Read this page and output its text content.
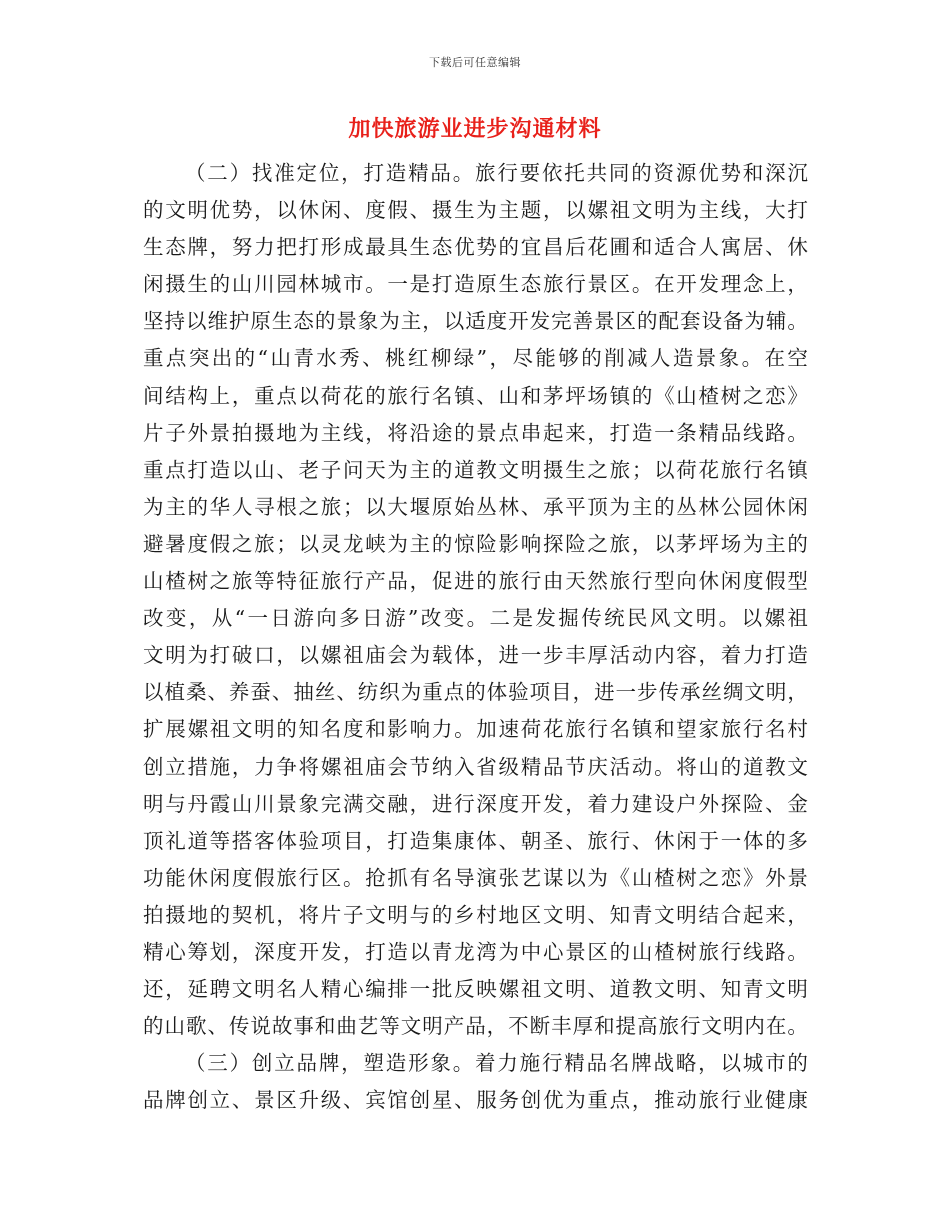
下载后可任意编辑
加快旅游业进步沟通材料
（二）找准定位，打造精品。旅行要依托共同的资源优势和深沉
的文明优势，以休闲、度假、摄生为主题，以嫘祖文明为主线，大打
生态牌，努力把打形成最具生态优势的宜昌后花圃和适合人寓居、休
闲摄生的山川园林城市。一是打造原生态旅行景区。在开发理念上，
坚持以维护原生态的景象为主，以适度开发完善景区的配套设备为辅。
重点突出的“山青水秀、桃红柳绿”，尽能够的削减人造景象。在空
间结构上，重点以荷花的旅行名镇、山和茅坪场镇的《山楂树之恋》
片子外景拍摄地为主线，将沿途的景点串起来，打造一条精品线路。
重点打造以山、老子问天为主的道教文明摄生之旅；以荷花旅行名镇
为主的华人寻根之旅；以大堰原始丛林、承平顶为主的丛林公园休闲
避暑度假之旅；以灵龙峡为主的惊险影响探险之旅，以茅坪场为主的
山楂树之旅等特征旅行产品，促进的旅行由天然旅行型向休闲度假型
改变，从“一日游向多日游”改变。二是发掘传统民风文明。以嫘祖
文明为打破口，以嫘祖庙会为载体，进一步丰厚活动内容，着力打造
以植桑、养蚕、抽丝、纺织为重点的体验项目，进一步传承丝绸文明，
扩展嫘祖文明的知名度和影响力。加速荷花旅行名镇和望家旅行名村
创立措施，力争将嫘祖庙会节纳入省级精品节庆活动。将山的道教文
明与丹霞山川景象完满交融，进行深度开发，着力建设户外探险、金
顶礼道等搭客体验项目，打造集康体、朝圣、旅行、休闲于一体的多
功能休闲度假旅行区。抢抓有名导演张艺谋以为《山楂树之恋》外景
拍摄地的契机，将片子文明与的乡村地区文明、知青文明结合起来，
精心筹划，深度开发，打造以青龙湾为中心景区的山楂树旅行线路。
还，延聘文明名人精心编排一批反映嫘祖文明、道教文明、知青文明
的山歌、传说故事和曲艺等文明产品，不断丰厚和提高旅行文明内在。
（三）创立品牌，塑造形象。着力施行精品名牌战略，以城市的
品牌创立、景区升级、宾馆创星、服务创优为重点，推动旅行业健康
